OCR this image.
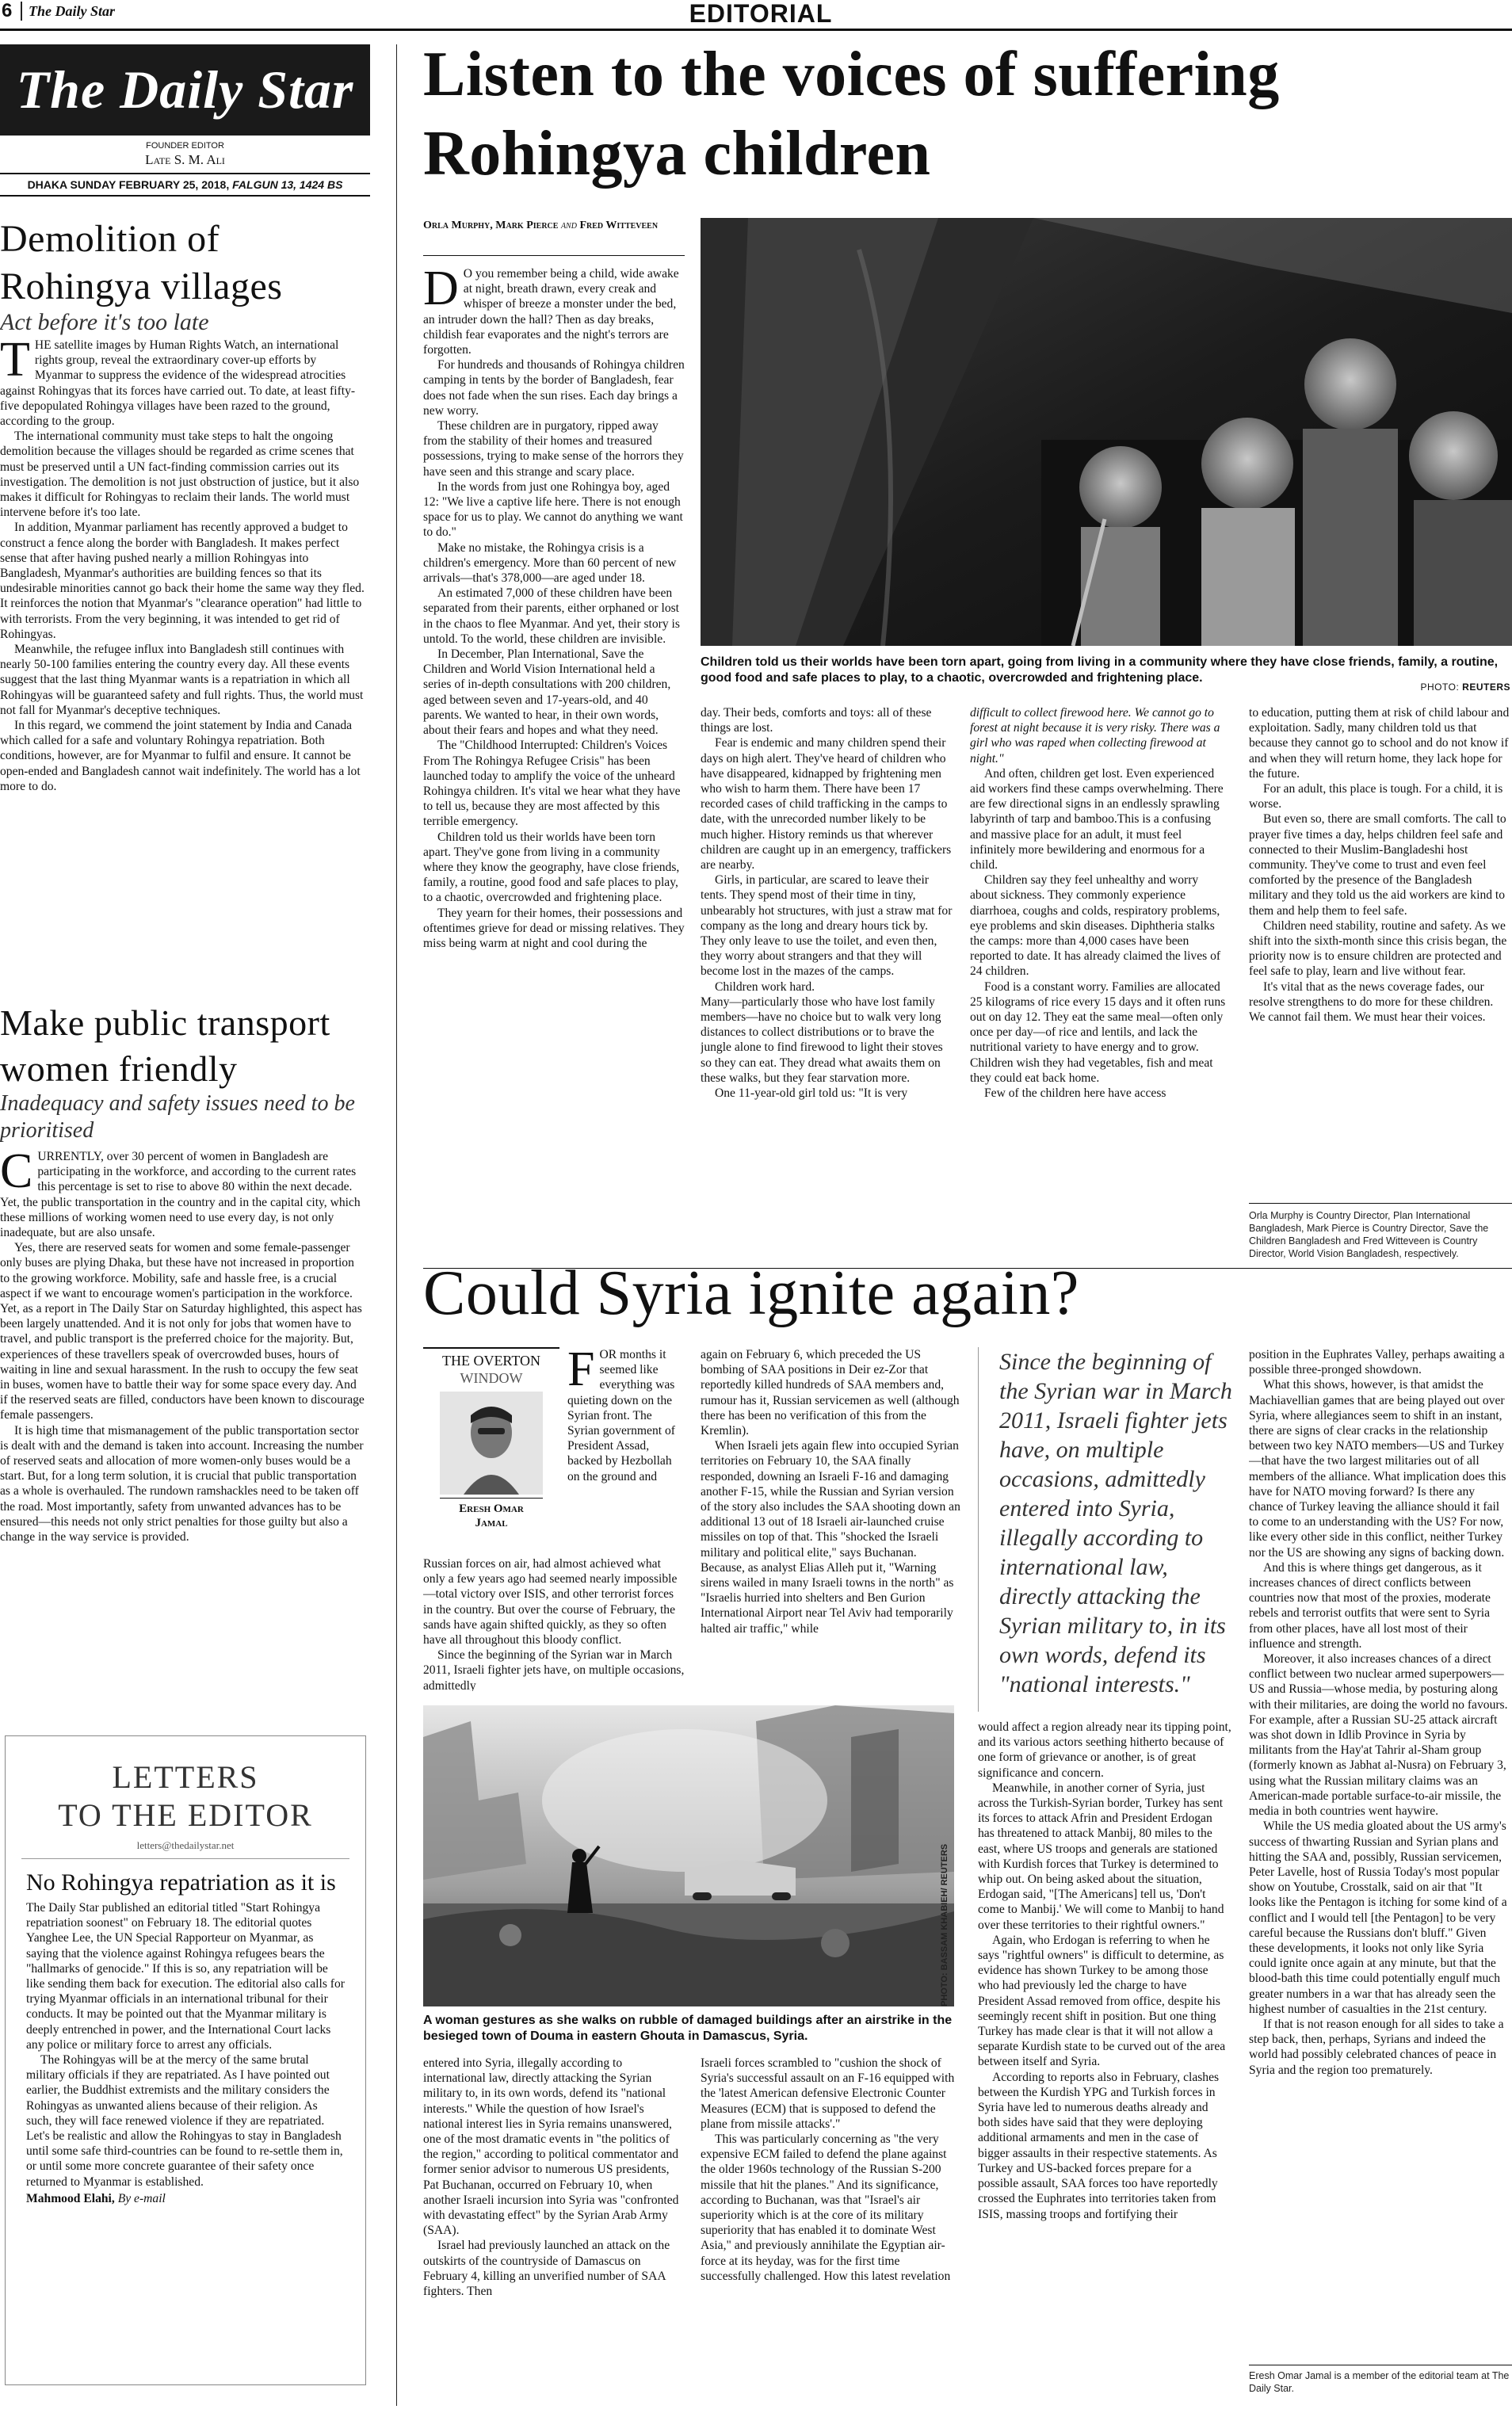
6	The Daily Star	EDITORIAL
The Daily Star
FOUNDER EDITOR
Late S. M. Ali
DHAKA SUNDAY FEBRUARY 25, 2018, FALGUN 13, 1424 BS
Demolition of Rohingya villages
Act before it's too late

THE satellite images by Human Rights Watch, an international rights group, reveal the extraordinary cover-up efforts by Myanmar to suppress the evidence of the widespread atrocities against Rohingyas that its forces have carried out. To date, at least fifty-five depopulated Rohingya villages have been razed to the ground, according to the group.

The international community must take steps to halt the ongoing demolition because the villages should be regarded as crime scenes that must be preserved until a UN fact-finding commission carries out its investigation. The demolition is not just obstruction of justice, but it also makes it difficult for Rohingyas to reclaim their lands. The world must intervene before it's too late.

In addition, Myanmar parliament has recently approved a budget to construct a fence along the border with Bangladesh. It makes perfect sense that after having pushed nearly a million Rohingyas into Bangladesh, Myanmar's authorities are building fences so that its undesirable minorities cannot go back their home the same way they fled. It reinforces the notion that Myanmar's "clearance operation" had little to with terrorists. From the very beginning, it was intended to get rid of Rohingyas.

Meanwhile, the refugee influx into Bangladesh still continues with nearly 50-100 families entering the country every day. All these events suggest that the last thing Myanmar wants is a repatriation in which all Rohingyas will be guaranteed safety and full rights. Thus, the world must not fall for Myanmar's deceptive techniques.

In this regard, we commend the joint statement by India and Canada which called for a safe and voluntary Rohingya repatriation. Both conditions, however, are for Myanmar to fulfil and ensure. It cannot be open-ended and Bangladesh cannot wait indefinitely. The world has a lot more to do.

Make public transport women friendly
Inadequacy and safety issues need to be prioritised

CURRENTLY, over 30 percent of women in Bangladesh are participating in the workforce, and according to the current rates this percentage is set to rise to above 80 within the next decade. Yet, the public transportation in the country and in the capital city, which these millions of working women need to use every day, is not only inadequate, but are also unsafe.

Yes, there are reserved seats for women and some female-passenger only buses are plying Dhaka, but these have not increased in proportion to the growing workforce. Mobility, safe and hassle free, is a crucial aspect if we want to encourage women's participation in the workforce. Yet, as a report in The Daily Star on Saturday highlighted, this aspect has been largely unattended. And it is not only for jobs that women have to travel, and public transport is the preferred choice for the majority. But, experiences of these travellers speak of overcrowded buses, hours of waiting in line and sexual harassment. In the rush to occupy the few seat in buses, women have to battle their way for some space every day. And if the reserved seats are filled, conductors have been known to discourage female passengers.

It is high time that mismanagement of the public transportation sector is dealt with and the demand is taken into account. Increasing the number of reserved seats and allocation of more women-only buses would be a start. But, for a long term solution, it is crucial that public transportation as a whole is overhauled. The rundown ramshackles need to be taken off the road. Most importantly, safety from unwanted advances has to be ensured—this needs not only strict penalties for those guilty but also a change in the way service is provided.

LETTERS
TO THE EDITOR
letters@thedailystar.net
No Rohingya repatriation as it is

The Daily Star published an editorial titled "Start Rohingya repatriation soonest" on February 18. The editorial quotes Yanghee Lee, the UN Special Rapporteur on Myanmar, as saying that the violence against Rohingya refugees bears the "hallmarks of genocide." If this is so, any repatriation will be like sending them back for execution. The editorial also calls for trying Myanmar officials in an international tribunal for their conducts. It may be pointed out that the Myanmar military is deeply entrenched in power, and the International Court lacks any police or military force to arrest any officials.

The Rohingyas will be at the mercy of the same brutal military officials if they are repatriated. As I have pointed out earlier, the Buddhist extremists and the military considers the Rohingyas as unwanted aliens because of their religion. As such, they will face renewed violence if they are repatriated. Let's be realistic and allow the Rohingyas to stay in Bangladesh until some safe third-countries can be found to re-settle them in, or until some more concrete guarantee of their safety once returned to Myanmar is established.

Mahmood Elahi, By e-mail

Listen to the voices of suffering Rohingya children
Orla Murphy, Mark Pierce and Fred Witteveen

D O you remember being a child, wide awake at night, breath drawn, every creak and whisper of breeze a monster under the bed, an intruder down the hall? Then as day breaks, childish fear evaporates and the night's terrors are forgotten.

For hundreds and thousands of Rohingya children camping in tents by the border of Bangladesh, fear does not fade when the sun rises. Each day brings a new worry.

These children are in purgatory, ripped away from the stability of their homes and treasured possessions, trying to make sense of the horrors they have seen and this strange and scary place.

In the words from just one Rohingya boy, aged 12: "We live a captive life here. There is not enough space for us to play. We cannot do anything we want to do."

Make no mistake, the Rohingya crisis is a children's emergency. More than 60 percent of new arrivals—that's 378,000—are aged under 18.

An estimated 7,000 of these children have been separated from their parents, either orphaned or lost in the chaos to flee Myanmar. And yet, their story is untold. To the world, these children are invisible.

In December, Plan International, Save the Children and World Vision International held a series of in-depth consultations with 200 children, aged between seven and 17-years-old, and 40 parents. We wanted to hear, in their own words, about their fears and hopes and what they need.

The "Childhood Interrupted: Children's Voices From The Rohingya Refugee Crisis" has been launched today to amplify the voice of the unheard Rohingya children. It's vital we hear what they have to tell us, because they are most affected by this terrible emergency.

Children told us their worlds have been torn apart. They've gone from living in a community where they know the geography, have close friends, family, a routine, good food and safe places to play, to a chaotic, overcrowded and frightening place.

They yearn for their homes, their possessions and oftentimes grieve for dead or missing relatives. They miss being warm at night and cool during the

Children told us their worlds have been torn apart, going from living in a community where they have close friends, family, a routine, good food and safe places to play, to a chaotic, overcrowded and frightening place.
PHOTO: REUTERS

day. Their beds, comforts and toys: all of these things are lost.

Fear is endemic and many children spend their days on high alert. They've heard of children who have disappeared, kidnapped by frightening men who wish to harm them. There have been 17 recorded cases of child trafficking in the camps to date, with the unrecorded number likely to be much higher. History reminds us that wherever children are caught up in an emergency, traffickers are nearby.

Girls, in particular, are scared to leave their tents. They spend most of their time in tiny, unbearably hot structures, with just a straw mat for company as the long and dreary hours tick by. They only leave to use the toilet, and even then, they worry about strangers and that they will become lost in the mazes of the camps.

Children work hard.

Many—particularly those who have lost family members—have no choice but to walk very long distances to collect distributions or to brave the jungle alone to find firewood to light their stoves so they can eat. They dread what awaits them on these walks, but they fear starvation more.

One 11-year-old girl told us: "It is very

difficult to collect firewood here. We cannot go to forest at night because it is very risky. There was a girl who was raped when collecting firewood at night."

And often, children get lost. Even experienced aid workers find these camps overwhelming. There are few directional signs in an endlessly sprawling labyrinth of tarp and bamboo.This is a confusing and massive place for an adult, it must feel infinitely more bewildering and enormous for a child.

Children say they feel unhealthy and worry about sickness. They commonly experience diarrhoea, coughs and colds, respiratory problems, eye problems and skin diseases. Diphtheria stalks the camps: more than 4,000 cases have been reported to date. It has already claimed the lives of 24 children.

Food is a constant worry. Families are allocated 25 kilograms of rice every 15 days and it often runs out on day 12. They eat the same meal—often only once per day—of rice and lentils, and lack the nutritional variety to have energy and to grow. Children wish they had vegetables, fish and meat they could eat back home.

Few of the children here have access

to education, putting them at risk of child labour and exploitation. Sadly, many children told us that because they cannot go to school and do not know if and when they will return home, they lack hope for the future.

For an adult, this place is tough. For a child, it is worse.

But even so, there are small comforts. The call to prayer five times a day, helps children feel safe and connected to their Muslim-Bangladeshi host community. They've come to trust and even feel comforted by the presence of the Bangladesh military and they told us the aid workers are kind to them and help them to feel safe.

Children need stability, routine and safety. As we shift into the sixth-month since this crisis began, the priority now is to ensure children are protected and feel safe to play, learn and live without fear.

It's vital that as the news coverage fades, our resolve strengthens to do more for these children. We cannot fail them. We must hear their voices.

Orla Murphy is Country Director, Plan International Bangladesh, Mark Pierce is Country Director, Save the Children Bangladesh and Fred Witteveen is Country Director, World Vision Bangladesh, respectively.
Could Syria ignite again?
THE OVERTON
WINDOW
Eresh Omar
Jamal

FOR months it seemed like everything was quieting down on the Syrian front. The Syrian government of President Assad, backed by Hezbollah on the ground and

Russian forces on air, had almost achieved what only a few years ago had seemed nearly impossible—total victory over ISIS, and other terrorist forces in the country. But over the course of February, the sands have again shifted quickly, as they so often have all throughout this bloody conflict.

Since the beginning of the Syrian war in March 2011, Israeli fighter jets have, on multiple occasions, admittedly

again on February 6, which preceded the US bombing of SAA positions in Deir ez-Zor that reportedly killed hundreds of SAA members and, rumour has it, Russian servicemen as well (although there has been no verification of this from the Kremlin).

When Israeli jets again flew into occupied Syrian territories on February 10, the SAA finally responded, downing an Israeli F-16 and damaging another F-15, while the Russian and Syrian version of the story also includes the SAA shooting down an additional 13 out of 18 Israeli air-launched cruise missiles on top of that. This "shocked the Israeli military and political elite," says Buchanan. Because, as analyst Elias Alleh put it, "Warning sirens wailed in many Israeli towns in the north" as "Israelis hurried into shelters and Ben Gurion International Airport near Tel Aviv had temporarily halted air traffic," while

Since the beginning of the Syrian war in March 2011, Israeli fighter jets have, on multiple occasions, admittedly entered into Syria, illegally according to international law, directly attacking the Syrian military to, in its own words, defend its "national interests."
PHOTO: BASSAM KHABIEH/ REUTERS
A woman gestures as she walks on rubble of damaged buildings after an airstrike in the besieged town of Douma in eastern Ghouta in Damascus, Syria.

entered into Syria, illegally according to international law, directly attacking the Syrian military to, in its own words, defend its "national interests." While the question of how Israel's national interest lies in Syria remains unanswered, one of the most dramatic events in "the politics of the region," according to political commentator and former senior advisor to numerous US presidents, Pat Buchanan, occurred on February 10, when another Israeli incursion into Syria was "confronted with devastating effect" by the Syrian Arab Army (SAA).

Israel had previously launched an attack on the outskirts of the countryside of Damascus on February 4, killing an unverified number of SAA fighters. Then

Israeli forces scrambled to "cushion the shock of Syria's successful assault on an F-16 equipped with the 'latest American defensive Electronic Counter Measures (ECM) that is supposed to defend the plane from missile attacks'."

This was particularly concerning as "the very expensive ECM failed to defend the plane against the older 1960s technology of the Russian S-200 missile that hit the planes." And its significance, according to Buchanan, was that "Israel's air superiority which is at the core of its military superiority that has enabled it to dominate West Asia," and previously annihilate the Egyptian air-force at its heyday, was for the first time successfully challenged. How this latest revelation

would affect a region already near its tipping point, and its various actors seething hitherto because of one form of grievance or another, is of great significance and concern.

Meanwhile, in another corner of Syria, just across the Turkish-Syrian border, Turkey has sent its forces to attack Afrin and President Erdogan has threatened to attack Manbij, 80 miles to the east, where US troops and generals are stationed with Kurdish forces that Turkey is determined to whip out. On being asked about the situation, Erdogan said, "[The Americans] tell us, 'Don't come to Manbij.' We will come to Manbij to hand over these territories to their rightful owners."

Again, who Erdogan is referring to when he says "rightful owners" is difficult to determine, as evidence has shown Turkey to be among those who had previously led the charge to have President Assad removed from office, despite his seemingly recent shift in position. But one thing Turkey has made clear is that it will not allow a separate Kurdish state to be curved out of the area between itself and Syria.

According to reports also in February, clashes between the Kurdish YPG and Turkish forces in Syria have led to numerous deaths already and both sides have said that they were deploying additional armaments and men in the case of bigger assaults in their respective statements. As Turkey and US-backed forces prepare for a possible assault, SAA forces too have reportedly crossed the Euphrates into territories taken from ISIS, massing troops and fortifying their

position in the Euphrates Valley, perhaps awaiting a possible three-pronged showdown.

What this shows, however, is that amidst the Machiavellian games that are being played out over Syria, where allegiances seem to shift in an instant, there are signs of clear cracks in the relationship between two key NATO members—US and Turkey—that have the two largest militaries out of all members of the alliance. What implication does this have for NATO moving forward? Is there any chance of Turkey leaving the alliance should it fail to come to an understanding with the US? For now, like every other side in this conflict, neither Turkey nor the US are showing any signs of backing down.

And this is where things get dangerous, as it increases chances of direct conflicts between countries now that most of the proxies, moderate rebels and terrorist outfits that were sent to Syria from other places, have all lost most of their influence and strength.

Moreover, it also increases chances of a direct conflict between two nuclear armed superpowers—US and Russia—whose media, by posturing along with their militaries, are doing the world no favours. For example, after a Russian SU-25 attack aircraft was shot down in Idlib Province in Syria by militants from the Hay'at Tahrir al-Sham group (formerly known as Jabhat al-Nusra) on February 3, using what the Russian military claims was an American-made portable surface-to-air missile, the media in both countries went haywire.

While the US media gloated about the US army's success of thwarting Russian and Syrian plans and hitting the SAA and, possibly, Russian servicemen, Peter Lavelle, host of Russia Today's most popular show on Youtube, Crosstalk, said on air that "It looks like the Pentagon is itching for some kind of a conflict and I would tell [the Pentagon] to be very careful because the Russians don't bluff." Given these developments, it looks not only like Syria could ignite once again at any minute, but that the blood-bath this time could potentially engulf much greater numbers in a war that has already seen the highest number of casualties in the 21st century.

If that is not reason enough for all sides to take a step back, then, perhaps, Syrians and indeed the world had possibly celebrated chances of peace in Syria and the region too prematurely.

Eresh Omar Jamal is a member of the editorial team at The Daily Star.
